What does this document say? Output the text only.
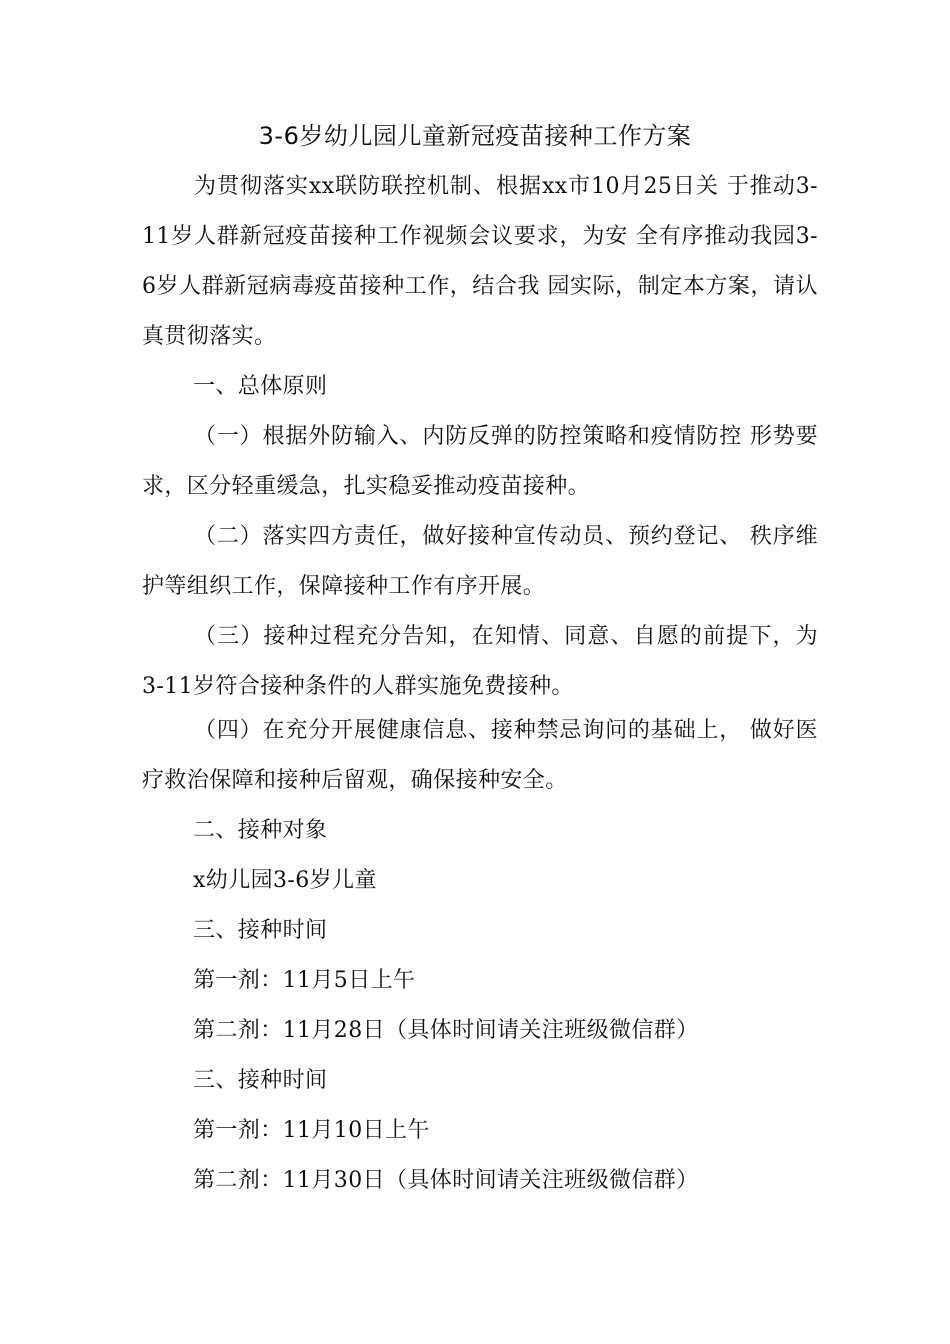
3-6岁幼儿园儿童新冠疫苗接种工作方案

为贯彻落实xx联防联控机制、根据xx市10月25日关 于推动3-11岁人群新冠疫苗接种工作视频会议要求，为安 全有序推动我园3-6岁人群新冠病毒疫苗接种工作，结合我 园实际，制定本方案，请认真贯彻落实。

一、总体原则

（一）根据外防输入、内防反弹的防控策略和疫情防控 形势要求，区分轻重缓急，扎实稳妥推动疫苗接种。

（二）落实四方责任，做好接种宣传动员、预约登记、 秩序维护等组织工作，保障接种工作有序开展。

（三）接种过程充分告知，在知情、同意、自愿的前提下，为3-11岁符合接种条件的人群实施免费接种。

（四）在充分开展健康信息、接种禁忌询问的基础上， 做好医疗救治保障和接种后留观，确保接种安全。

二、接种对象

x幼儿园3-6岁儿童

三、接种时间

第一剂：11月5日上午

第二剂：11月28日（具体时间请关注班级微信群）

三、接种时间

第一剂：11月10日上午

第二剂：11月30日（具体时间请关注班级微信群）
